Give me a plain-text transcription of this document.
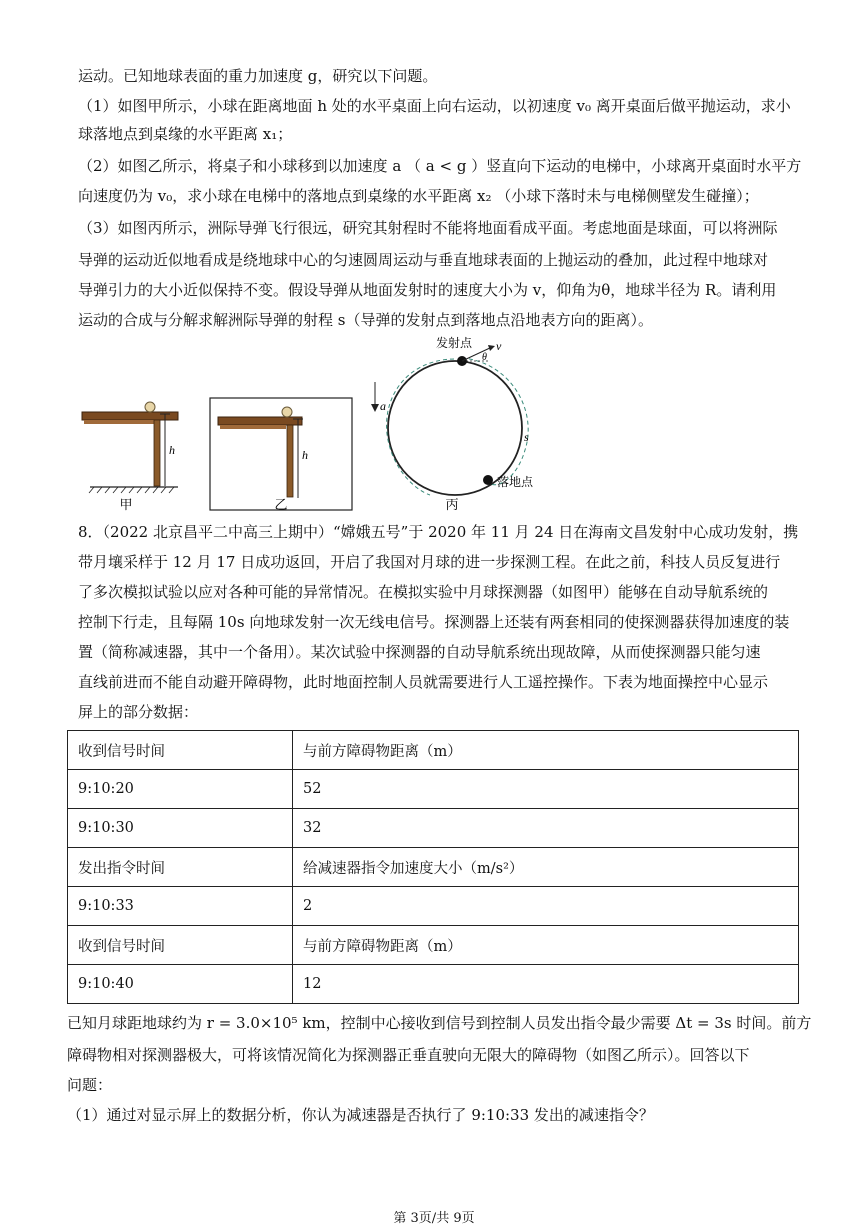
运动。已知地球表面的重力加速度 g，研究以下问题。
（1）如图甲所示，小球在距离地面 h 处的水平桌面上向右运动，以初速度 v₀ 离开桌面后做平抛运动，求小
球落地点到桌缘的水平距离 x₁；
（2）如图乙所示，将桌子和小球移到以加速度 a （ a < g ）竖直向下运动的电梯中，小球离开桌面时水平方
向速度仍为 v₀，求小球在电梯中的落地点到桌缘的水平距离 x₂ （小球下落时未与电梯侧壁发生碰撞）；
（3）如图丙所示，洲际导弹飞行很远，研究其射程时不能将地面看成平面。考虑地面是球面，可以将洲际
导弹的运动近似地看成是绕地球中心的匀速圆周运动与垂直地球表面的上抛运动的叠加，此过程中地球对
导弹引力的大小近似保持不变。假设导弹从地面发射时的速度大小为 v，仰角为θ，地球半径为 R。请利用
运动的合成与分解求解洲际导弹的射程 s（导弹的发射点到落地点沿地表方向的距离）。
h
甲
h
乙
a
v
θ
发射点
s
落地点
丙
8．（2022 北京昌平二中高三上期中）“嫦娥五号”于 2020 年 11 月 24 日在海南文昌发射中心成功发射，携
带月壤采样于 12 月 17 日成功返回，开启了我国对月球的进一步探测工程。在此之前，科技人员反复进行
了多次模拟试验以应对各种可能的异常情况。在模拟实验中月球探测器（如图甲）能够在自动导航系统的
控制下行走，且每隔 10s 向地球发射一次无线电信号。探测器上还装有两套相同的使探测器获得加速度的装
置（简称减速器，其中一个备用）。某次试验中探测器的自动导航系统出现故障，从而使探测器只能匀速
直线前进而不能自动避开障碍物，此时地面控制人员就需要进行人工遥控操作。下表为地面操控中心显示
屏上的部分数据：
收到信号时间	与前方障碍物距离（m）
9:10:20	52
9:10:30	32
发出指令时间	给减速器指令加速度大小（m/s²）
9:10:33	2
收到信号时间	与前方障碍物距离（m）
9:10:40	12
已知月球距地球约为 r = 3.0×10⁵ km，控制中心接收到信号到控制人员发出指令最少需要 Δt = 3s 时间。前方
障碍物相对探测器极大，可将该情况简化为探测器正垂直驶向无限大的障碍物（如图乙所示）。回答以下
问题：
（1）通过对显示屏上的数据分析，你认为减速器是否执行了 9:10:33 发出的减速指令？
第 3页/共 9页
